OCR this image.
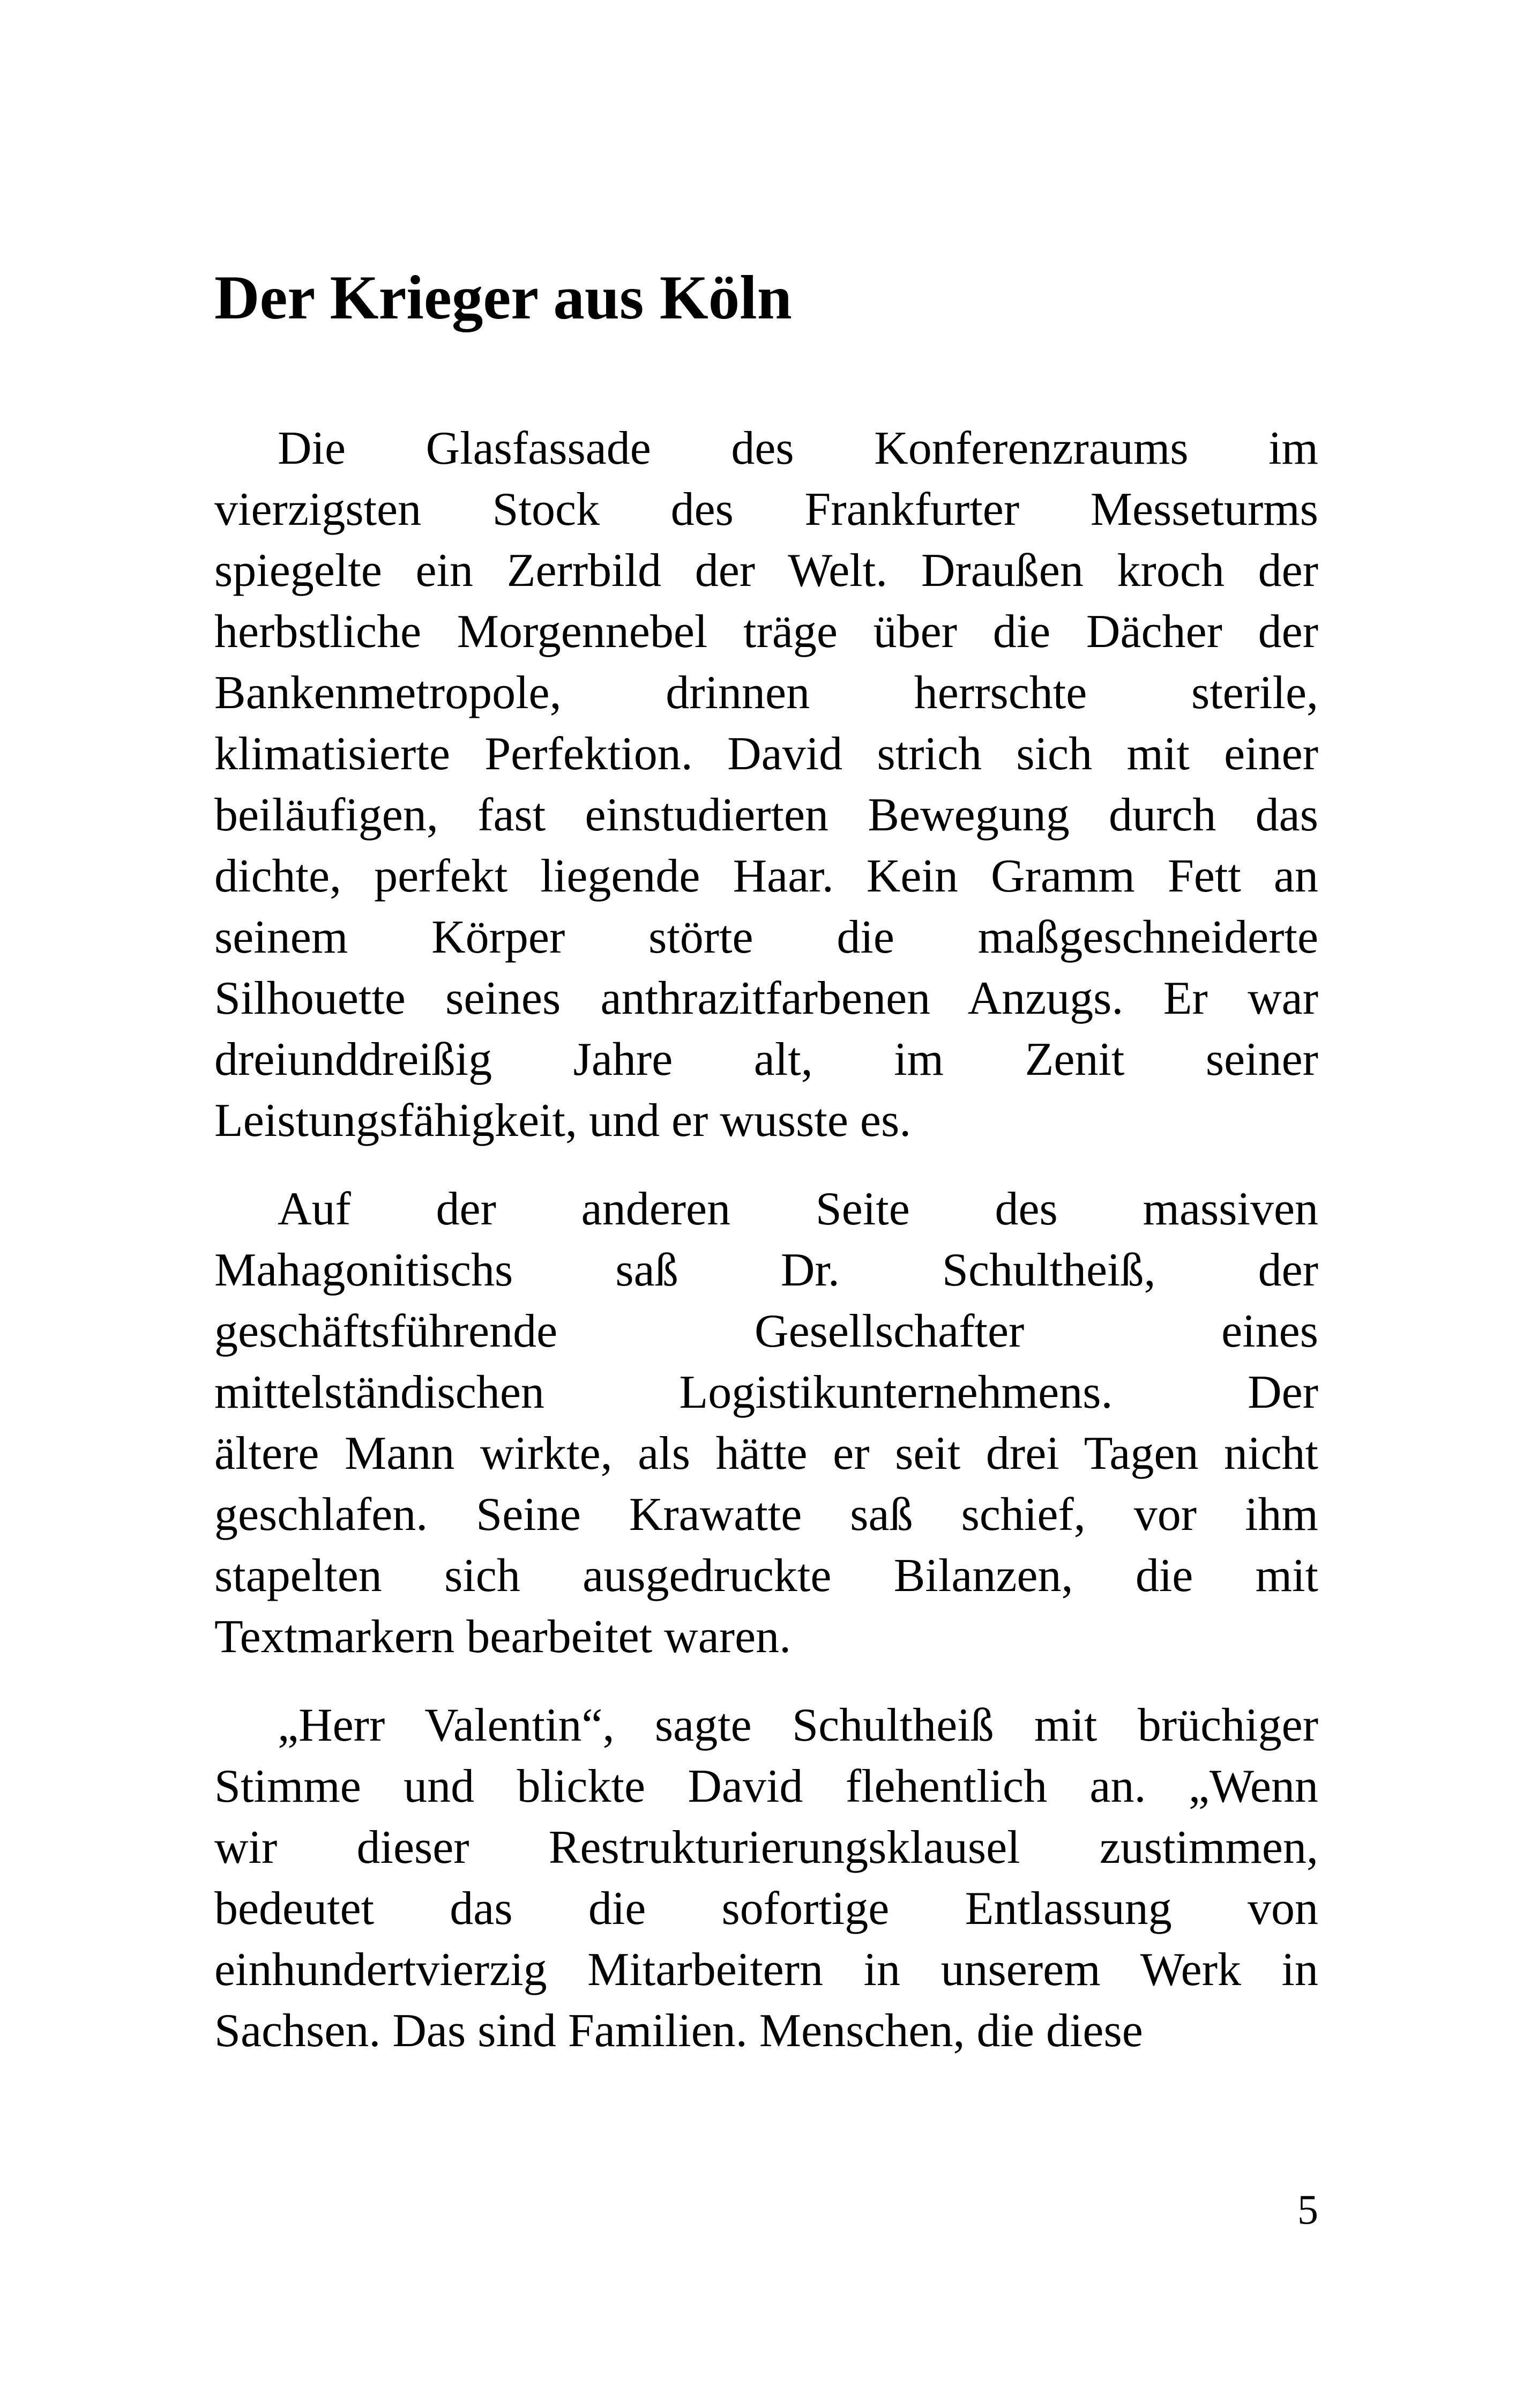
Der Krieger aus Köln

Die Glasfassade des Konferenzraums im
vierzigsten Stock des Frankfurter Messeturms
spiegelte ein Zerrbild der Welt. Draußen kroch der
herbstliche Morgennebel träge über die Dächer der
Bankenmetropole, drinnen herrschte sterile,
klimatisierte Perfektion. David strich sich mit einer
beiläufigen, fast einstudierten Bewegung durch das
dichte, perfekt liegende Haar. Kein Gramm Fett an
seinem Körper störte die maßgeschneiderte
Silhouette seines anthrazitfarbenen Anzugs. Er war
dreiunddreißig Jahre alt, im Zenit seiner
Leistungsfähigkeit, und er wusste es.

Auf der anderen Seite des massiven
Mahagonitischs saß Dr. Schultheiß, der
geschäftsführende Gesellschafter eines
mittelständischen Logistikunternehmens. Der
ältere Mann wirkte, als hätte er seit drei Tagen nicht
geschlafen. Seine Krawatte saß schief, vor ihm
stapelten sich ausgedruckte Bilanzen, die mit
Textmarkern bearbeitet waren.

„Herr Valentin“, sagte Schultheiß mit brüchiger
Stimme und blickte David flehentlich an. „Wenn
wir dieser Restrukturierungsklausel zustimmen,
bedeutet das die sofortige Entlassung von
einhundertvierzig Mitarbeitern in unserem Werk in
Sachsen. Das sind Familien. Menschen, die diese

5
